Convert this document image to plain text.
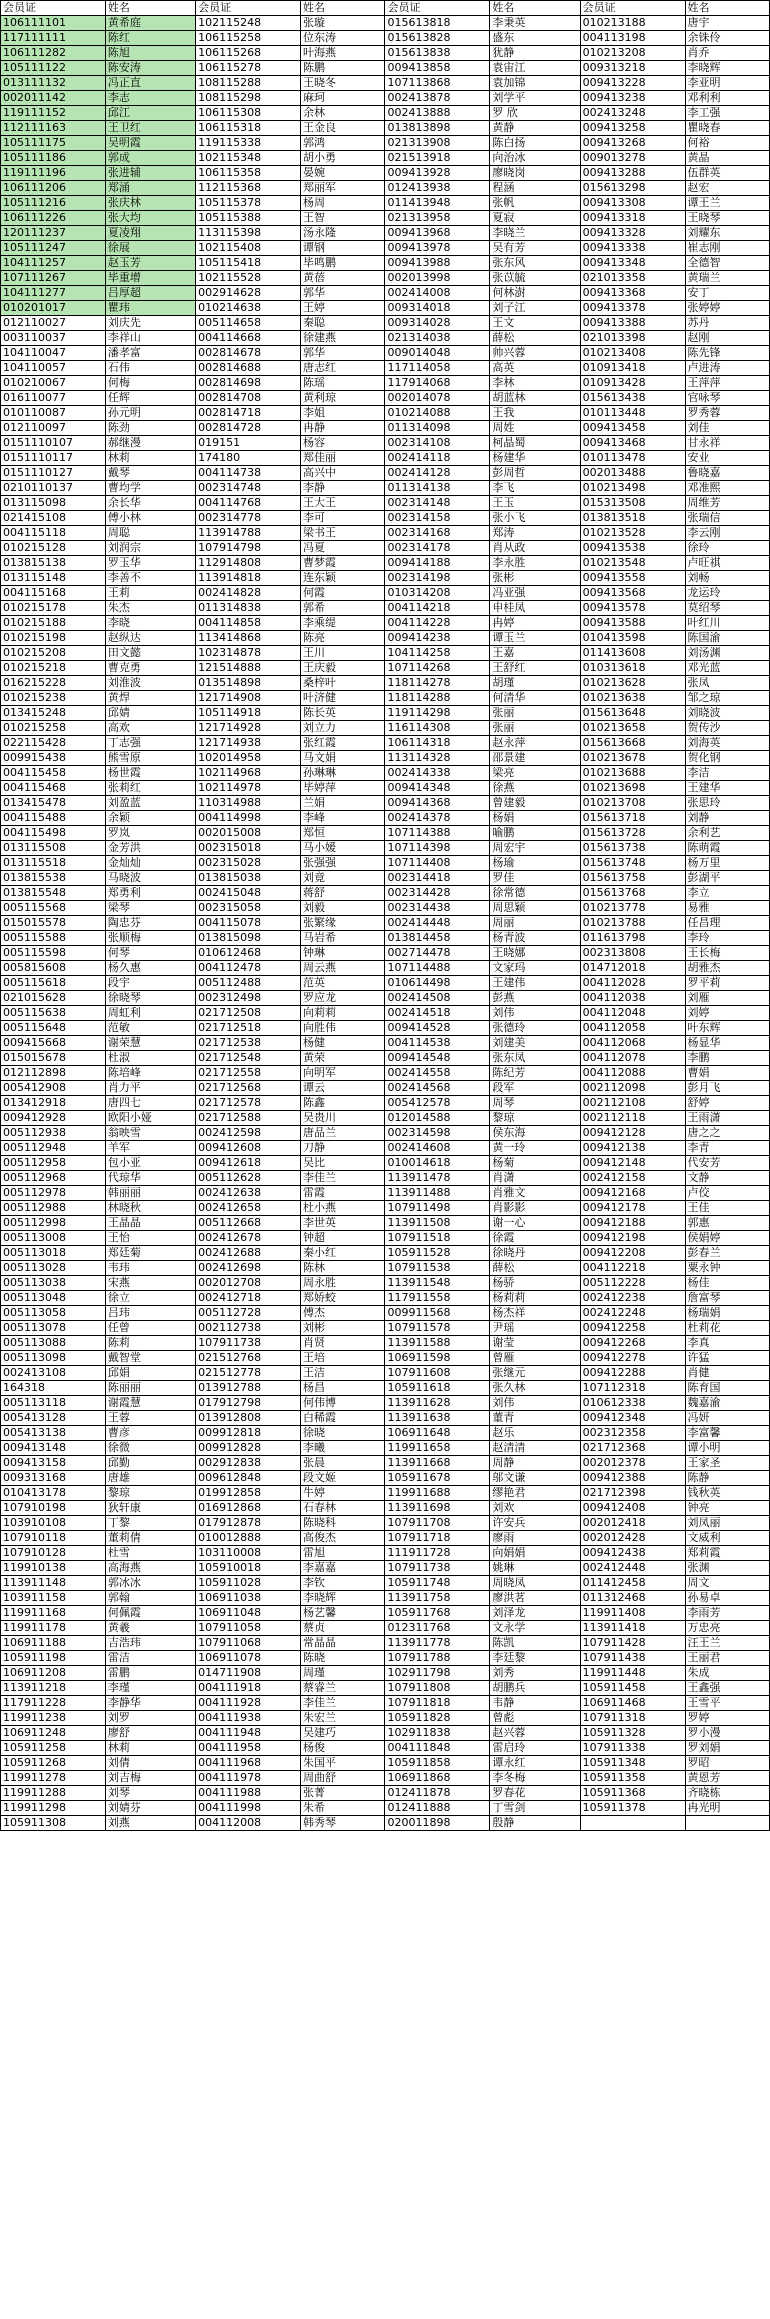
会员证	姓名	会员证	姓名	会员证	姓名	会员证	姓名
106111101	黄希庭	102115248	张璇	015613818	李秉英	010213188	唐宇
117111111	陈红	106115258	位东涛	015613828	盛东	004113198	余铢伶
106111282	陈旭	106115268	叶海燕	015613838	犹静	010213208	肖乔
105111122	陈安涛	106115278	陈鹏	009413858	袁宙江	009313218	李晓辉
013111132	冯正直	108115288	王晓冬	107113868	袁加锦	009413228	李亚明
002011142	李志	108115298	麻珂	002413878	刘学平	009413238	邓利利
119111152	邱江	106115308	余林	002413888	罗 欣	002413248	李工强
112111163	王卫红	106115318	王金良	013813898	黄静	009413258	瞿晓春
105111175	吴明霞	119115338	郭鸿	021313908	陈白扬	009413268	何裕
105111186	郭成	102115348	胡小勇	021513918	向治冰	009013278	黄晶
119111196	张进辅	106115358	晏婉	009413928	廖晓岗	009413288	伍群英
106111206	郑涌	112115368	郑丽军	012413938	程涵	015613298	赵宏
105111216	张庆林	105115378	杨周	011413948	张帆	009413308	谭王兰
106111226	张大均	105115388	王智	021313958	夏寂	009413318	王晓琴
120111237	夏凌翔	113115398	汤永隆	009413968	李晓兰	009413328	刘耀东
105111247	徐展	102115408	谭钢	009413978	吴有芳	009413338	崔志刚
104111257	赵玉芳	105115418	毕鸣鹏	009413988	张东风	009413348	全德智
107111267	毕重增	102115528	黄蓓	002013998	张苡毓	021013358	黄瑞兰
104111277	吕厚超	002914628	郭华	002414008	何林澍	009413368	安丁
010201017	瞿玮	010214638	王婷	009314018	刘子江	009413378	张婷婷
012110027	刘庆先	005114658	秦聪	009314028	王文	009413388	苏丹
003110037	李祥山	004114668	徐建燕	021314038	薛松	021013398	赵刚
104110047	潘孝富	002814678	郭华	009014048	帅兴蓉	010213408	陈先锋
104110057	石伟	002814688	唐志红	117114058	高英	010913418	卢进涛
010210067	何梅	002814698	陈瑶	117914068	李林	010913428	王萍萍
016110077	任辉	002814708	黄利琼	002014078	胡蓝林	015613438	官咏琴
010110087	孙元明	002814718	李姐	010214088	王我	010113448	罗秀蓉
012110097	陈劲	002814728	冉静	011314098	周姓	009413458	刘佳
0151110107	郝继漫	019151	杨容	002314108	柯晶蜀	009413468	甘永祥
0151110117	林莉	174180	郑佳丽	002414118	杨建华	010113478	安业
0151110127	戴琴	004114738	高兴中	002414128	彭周哲	002013488	鲁晓嘉
0210110137	曹均学	002314748	李静	011314138	李飞	010213498	邓准熙
013115098	余长华	004114768	王大王	002314148	王玉	015313508	周维芳
021415108	傅小林	002314778	李可	002314158	张小飞	013813518	张瑞信
004115118	周聪	113914788	梁书王	002314168	郑涛	010213528	李云刚
010215128	刘润宗	107914798	冯夏	002314178	肖从政	009413538	徐玲
013815138	罗玉华	112914808	曹梦霞	009414188	李永胜	010213548	卢旺祺
013115148	李善不	113914818	连东颖	002314198	张彬	009413558	刘畅
004115168	王莉	002414828	何霞	010314208	冯亚强	009413568	龙运玲
010215178	朱杰	011314838	郭希	004114218	申桂凤	009413578	莫绍琴
010215188	李晓	004114858	李乘缇	004114228	冉婷	009413588	叶红川
010215198	赵纵达	113414868	陈亮	009414238	谭玉兰	010413598	陈国渝
010215208	田文懿	102314878	王川	104114258	王嘉	011413608	刘汤渊
010215218	曹克勇	121514888	王庆毅	107114268	王舒红	010313618	邓光蓝
016215228	刘淮波	013514898	桑梓叶	118114278	胡瑾	010213628	张凤
010215238	黄焊	121714908	叶济健	118114288	何清华	010213638	邹之琼
013415248	邱婧	105114918	陈长英	119114298	张丽	015613648	刘晓波
010215258	高欢	121714928	刘立力	116114308	张丽	010213658	贺传沙
022115428	丁志强	121714938	张红霞	106114318	赵永萍	015613668	刘海英
009915438	熊雪原	102014958	马文娟	113114328	邵景建	010213678	贺化钢
004115458	杨世霞	102114968	孙琳琳	002414338	梁亮	010213688	李洁
004115468	张莉红	102114978	毕婷萍	009414348	徐燕	010213698	王建华
013415478	刘盈蓝	110314988	兰娟	009414368	曾建毅	010213708	张思玲
004115488	余颖	004114998	李峰	002414378	杨娟	015613718	刘静
004115498	罗岚	002015008	郑恒	107114388	喻鹏	015613728	余利艺
013115508	金芳洪	002315018	马小媛	107114398	周宏宇	015613738	陈萌霞
013115518	金灿灿	002315028	张强强	107114408	杨瑜	015613748	杨万里
013815538	马晓波	013815038	刘竟	002314418	罗佳	015613758	彭湖平
013815548	郑勇利	002415048	蒋舒	002314428	徐常德	015613768	李立
005115568	梁琴	002315058	刘毅	002314438	周思颖	010213778	易雅
015015578	陶忠芬	004115078	张繁缘	002414448	周丽	010213788	任昌理
005115588	张顺梅	013815098	马岩希	013814458	杨青波	011613798	李玲
005115598	何琴	010612468	钟琳	002714478	王晓娜	002313808	王长梅
005815608	杨久惠	004112478	周云燕	107114488	文家玛	014712018	胡雅杰
005115618	段宇	005112488	范英	010614498	王建伟	004112028	罗平莉
021015628	徐晓琴	002312498	罗应龙	002414508	彭燕	004112038	刘雁
005115638	周虹利	021712508	向莉莉	002414518	刘伟	004112048	刘婷
005115648	范敏	021712518	向胜伟	009414528	张德玲	004112058	叶东辉
009415668	谢荣慧	021712538	杨健	004114538	刘建美	004112068	杨显华
015015678	杜淑	021712548	黄荣	009414548	张东凤	004112078	李鹏
012112898	陈培峰	021712558	向明军	002414558	陈纪芳	004112088	曹娟
005412908	肖力平	021712568	谭云	002414568	段军	002112098	彭月飞
013412918	唐四七	021712578	陈鑫	005412578	周琴	002112108	舒婷
009412928	欧阳小娅	021712588	吴贵川	012014588	黎琼	002112118	王雨潇
005112938	翁映雪	002412598	唐品兰	002314598	侯东海	009412128	唐之之
005112948	羊军	009412608	刀静	002414608	黄一玲	009412138	李青
005112958	包小亚	009412618	吴比	010014618	杨菊	009412148	代安芳
005112968	代琼华	005112628	李佳兰	113911478	肖潇	002412158	文静
005112978	韩丽丽	002412638	雷霞	113911488	肖雅文	009412168	卢佼
005112988	林晓秋	002412658	杜小燕	107911498	肖影影	009412178	王佳
005112998	王晶晶	005112668	李世英	113911508	谢一心	009412188	郭惠
005113008	王怡	002412678	钟超	107911518	徐霞	009412198	侯娟婷
005113018	郑廷菊	002412688	秦小红	105911528	徐晓丹	009412208	彭春兰
005113028	韦玮	002412698	陈林	107911538	薛松	004112218	粟永钟
005113038	宋燕	002012708	周永胜	113911548	杨骄	005112228	杨佳
005113048	徐立	002412718	郑娇蛟	117911558	杨莉莉	002412238	詹富琴
005113058	吕玮	005112728	傅杰	009911568	杨杰祥	002412248	杨瑞娟
005113078	任曾	002112738	刘彬	107911578	尹瑶	009412258	杜莉花
005113088	陈莉	107911738	肖贤	113911588	谢莹	009412268	李真
005113098	戴智堂	021512768	王培	106911598	曾雁	009412278	许猛
002413108	邱娟	021512778	王洁	107911608	张继元	009412288	肖健
164318	陈丽丽	013912788	杨昌	105911618	张久林	107112318	陈育国
005113118	谢霞慧	017912798	何伟博	113911628	刘伟	010612338	魏嘉渝
005413128	王蓉	013912808	白稀霞	113911638	董青	009412348	冯妍
005413138	曹彦	009912818	徐晓	106911648	赵乐	002312358	李富馨
009413148	徐微	009912828	李曦	119911658	赵清清	021712368	谭小明
009413158	邱勤	002912838	张晨	113911668	周静	002012378	王家圣
009313168	唐雄	009612848	段文姬	105911678	邬文谦	009412388	陈静
010413178	黎琼	019912858	牛婷	119911688	缪艳君	021712398	钱秋英
107910198	狄轩康	016912868	石春林	113911698	刘欢	009412408	钟亮
103910108	丁黎	017912878	陈晓科	107911708	许安兵	002012418	刘凤丽
107910118	董莉倩	010012888	高俊杰	107911718	廖雨	002012428	文威利
107910128	杜雪	103110008	雷旭	111911728	向娟娟	009412438	郑莉霞
119910138	高海燕	105910018	李嘉嘉	107911738	姚琳	002412448	张渊
113911148	郭冰冰	105911028	李钦	105911748	周晓凤	011412458	周文
103911158	郭翰	106911038	李晓辉	113911758	廖洪茗	011312468	孙易卓
119911168	何佩霞	106911048	杨艺馨	105911768	刘泽龙	119911408	李雨芳
119911178	黄羲	107911058	蔡贞	012311768	文永学	113911418	万忠亮
106911188	吉浩玮	107911068	常晶晶	113911778	陈凯	107911428	汪王兰
105911198	雷洁	106911078	陈晓	107911788	李廷黎	107911438	王丽君
106911208	雷鹏	014711908	周瑾	102911798	刘秀	119911448	朱成
113911218	李瑾	004111918	蔡睿兰	107911808	胡鹏兵	105911458	王鑫强
117911228	李静华	004111928	李佳兰	107911818	韦静	106911468	王雪平
119911238	刘罗	004111938	朱宏兰	105911828	曾彪	107911318	罗婷
106911248	廖舒	004111948	吴建巧	102911838	赵兴蓉	105911328	罗小漫
105911258	林莉	004111958	杨俊	004111848	雷启玲	107911338	罗刘娟
105911268	刘倩	004111968	朱国平	105911858	谭永红	105911348	罗昭
119911278	刘吉梅	004111978	周曲舒	106911868	李冬梅	105911358	黄恩芳
119911288	刘琴	004111988	张菁	012411878	罗春花	105911368	齐晓栋
119911298	刘婧芬	004111998	朱希	012411888	丁雪剑	105911378	冉光明
105911308	刘燕	004112008	韩秀琴	020011898	殷静		
